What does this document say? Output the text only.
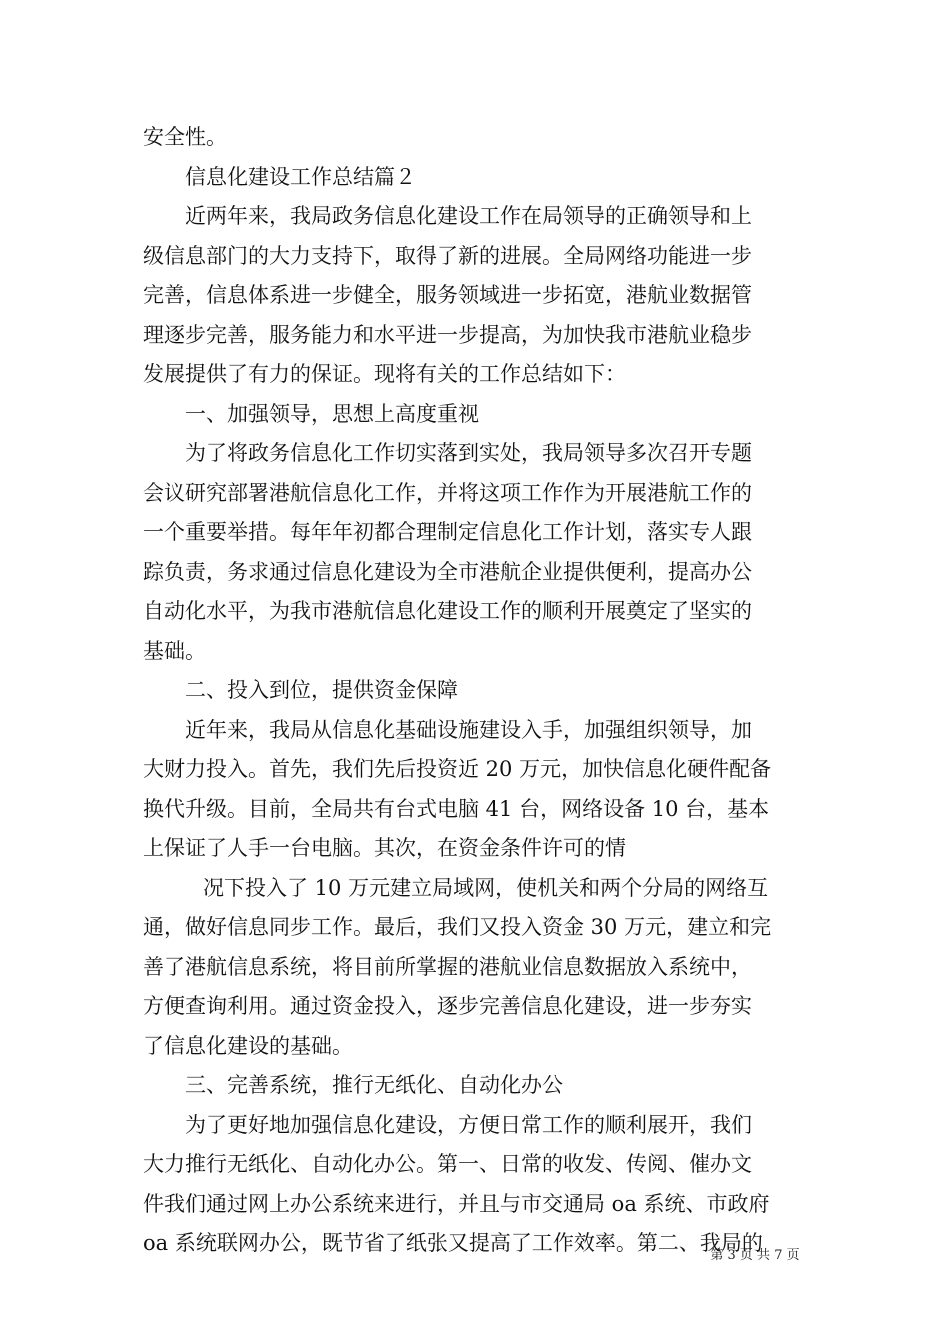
安全性。
信息化建设工作总结篇２
近两年来，我局政务信息化建设工作在局领导的正确领导和上
级信息部门的大力支持下，取得了新的进展。全局网络功能进一步
完善，信息体系进一步健全，服务领域进一步拓宽，港航业数据管
理逐步完善，服务能力和水平进一步提高，为加快我市港航业稳步
发展提供了有力的保证。现将有关的工作总结如下：
一、加强领导，思想上高度重视
为了将政务信息化工作切实落到实处，我局领导多次召开专题
会议研究部署港航信息化工作，并将这项工作作为开展港航工作的
一个重要举措。每年年初都合理制定信息化工作计划，落实专人跟
踪负责，务求通过信息化建设为全市港航企业提供便利，提高办公
自动化水平，为我市港航信息化建设工作的顺利开展奠定了坚实的
基础。
二、投入到位，提供资金保障
近年来，我局从信息化基础设施建设入手，加强组织领导，加
大财力投入。首先，我们先后投资近 20 万元，加快信息化硬件配备
换代升级。目前，全局共有台式电脑 41 台，网络设备 10 台，基本
上保证了人手一台电脑。其次，在资金条件许可的情
况下投入了 10 万元建立局域网，使机关和两个分局的网络互
通，做好信息同步工作。最后，我们又投入资金 30 万元，建立和完
善了港航信息系统，将目前所掌握的港航业信息数据放入系统中，
方便查询利用。通过资金投入，逐步完善信息化建设，进一步夯实
了信息化建设的基础。
三、完善系统，推行无纸化、自动化办公
为了更好地加强信息化建设，方便日常工作的顺利展开，我们
大力推行无纸化、自动化办公。第一、日常的收发、传阅、催办文
件我们通过网上办公系统来进行，并且与市交通局 oa 系统、市政府
oa 系统联网办公，既节省了纸张又提高了工作效率。第二、我局的
第 3 页 共 7 页
